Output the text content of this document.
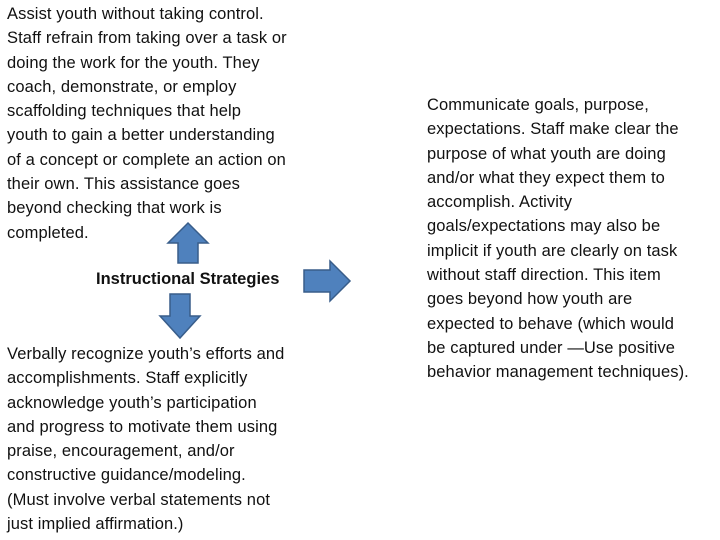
Assist youth without taking control.
Staff refrain from taking over a task or
doing the work for the youth. They
coach, demonstrate, or employ
scaffolding techniques that help
youth to gain a better understanding
of a concept or complete an action on
their own. This assistance goes
beyond checking that work is
completed.
Instructional Strategies
Verbally recognize youth’s efforts and
accomplishments. Staff explicitly
acknowledge youth’s participation
and progress to motivate them using
praise, encouragement, and/or
constructive guidance/modeling.
(Must involve verbal statements not
just implied affirmation.)
Communicate goals, purpose,
expectations. Staff make clear the
purpose of what youth are doing
and/or what they expect them to
accomplish. Activity
goals/expectations may also be
implicit if youth are clearly on task
without staff direction. This item
goes beyond how youth are
expected to behave (which would
be captured under —Use positive
behavior management techniques).
